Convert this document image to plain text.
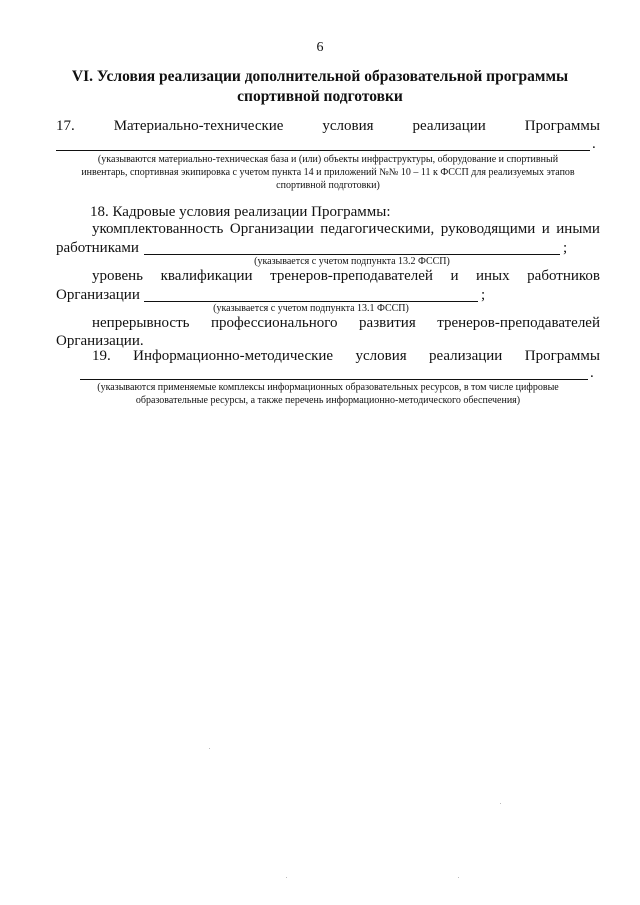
6
VI. Условия реализации дополнительной образовательной программы
спортивной подготовки
17.	Материально-технические	условия	реализации	Программы
.
(указываются материально-техническая база и (или) объекты инфраструктуры, оборудование и спортивный
инвентарь, спортивная экипировка с учетом пункта 14 и приложений №№ 10 – 11 к ФССП для реализуемых этапов
спортивной подготовки)
18. Кадровые условия реализации Программы:
укомплектованность Организации педагогическими, руководящими и иными
работниками	;
(указывается с учетом подпункта 13.2 ФССП)
уровень квалификации тренеров-преподавателей и иных работников
Организации	;
(указывается с учетом подпункта 13.1 ФССП)
непрерывность профессионального развития тренеров-преподавателей
Организации.
19. Информационно-методические условия реализации Программы
.
(указываются применяемые комплексы информационных образовательных ресурсов, в том числе цифровые
образовательные ресурсы, а также перечень информационно-методического обеспечения)
